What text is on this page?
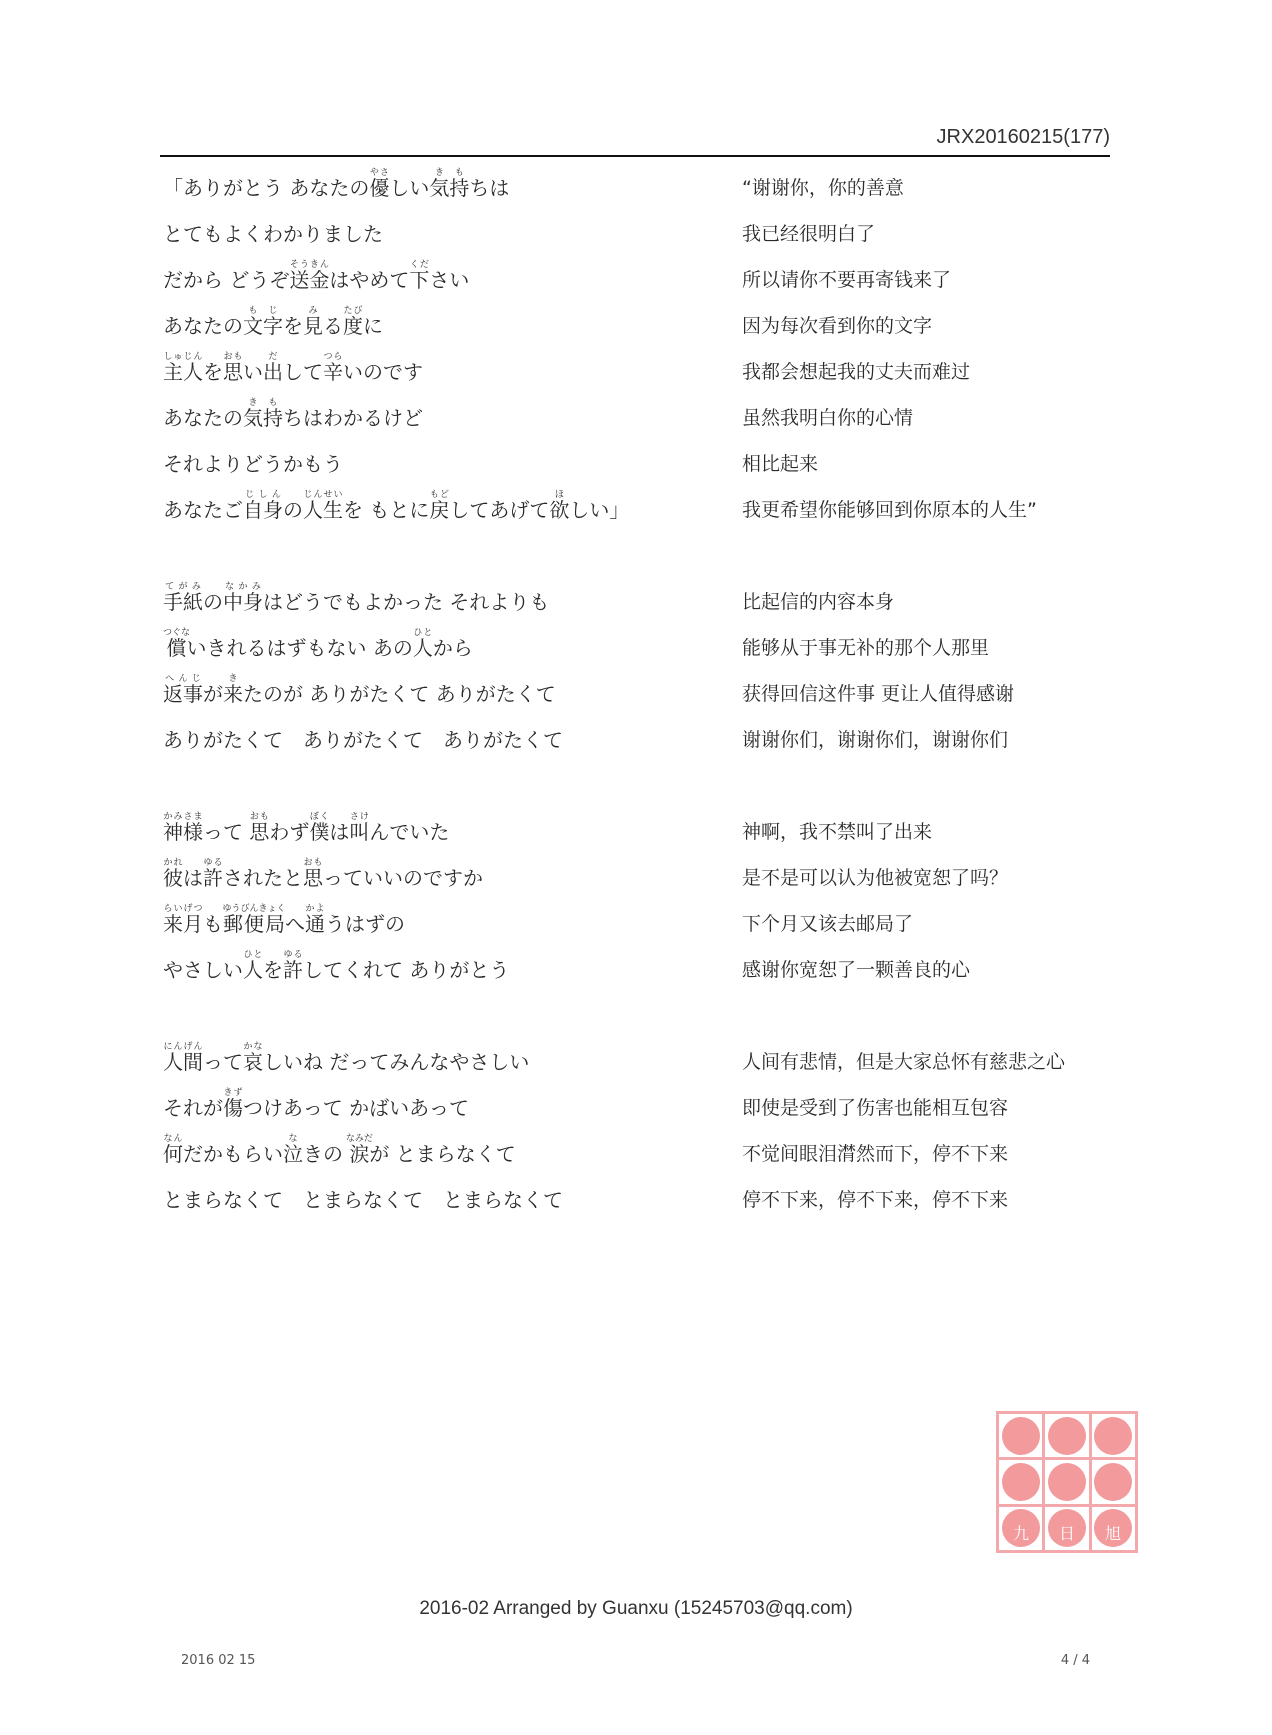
JRX20160215(177)
「ありがとう あなたの優やさしい気持きもちは	“谢谢你，你的善意
とてもよくわかりました	我已经很明白了
だから どうぞ送金そうきんはやめて下ください	所以请你不要再寄钱来了
あなたの文字もじを見みる度たびに	因为每次看到你的文字
主人しゅじんを思おもい出だして辛つらいのです	我都会想起我的丈夫而难过
あなたの気持きもちはわかるけど	虽然我明白你的心情
それよりどうかもう	相比起来
あなたご自身じしんの人生じんせいを もとに戻もどしてあげて欲ほしい」	我更希望你能够回到你原本的人生”
手紙てがみの中身なかみはどうでもよかった それよりも	比起信的内容本身
償つぐないきれるはずもない あの人ひとから	能够从于事无补的那个人那里
返事へんじが来きたのが ありがたくて ありがたくて	获得回信这件事 更让人值得感谢
ありがたくて　ありがたくて　ありがたくて	谢谢你们，谢谢你们，谢谢你们
神様かみさまって 思おもわず僕ぼくは叫さけんでいた	神啊，我不禁叫了出来
彼かれは許ゆるされたと思おもっていいのですか	是不是可以认为他被宽恕了吗？
来月らいげつも郵便局ゆうびんきょくへ通かようはずの	下个月又该去邮局了
やさしい人ひとを許ゆるしてくれて ありがとう	感谢你宽恕了一颗善良的心
人間にんげんって哀かなしいね だってみんなやさしい	人间有悲情，但是大家总怀有慈悲之心
それが傷きずつけあって かばいあって	即使是受到了伤害也能相互包容
何なんだかもらい泣なきの 涙なみだが とまらなくて	不觉间眼泪潸然而下，停不下来
とまらなくて　とまらなくて　とまらなくて	停不下来，停不下来，停不下来
九	日	旭
2016-02 Arranged by Guanxu (15245703@qq.com)
2016 02 15	4 / 4
